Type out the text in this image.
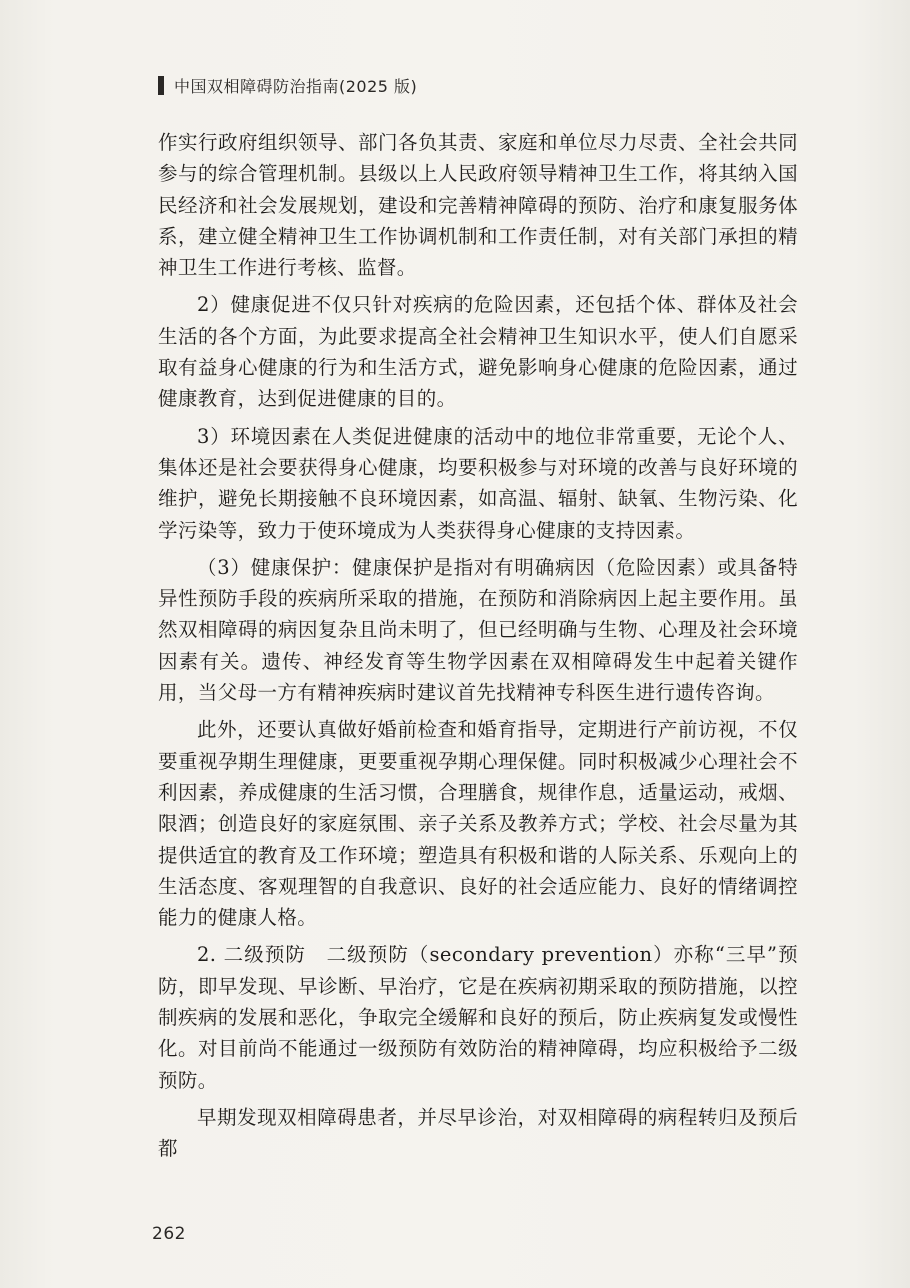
中国双相障碍防治指南(2025 版)

作实行政府组织领导、部门各负其责、家庭和单位尽力尽责、全社会共同参与的综合管理机制。县级以上人民政府领导精神卫生工作，将其纳入国民经济和社会发展规划，建设和完善精神障碍的预防、治疗和康复服务体系，建立健全精神卫生工作协调机制和工作责任制，对有关部门承担的精神卫生工作进行考核、监督。

2）健康促进不仅只针对疾病的危险因素，还包括个体、群体及社会生活的各个方面，为此要求提高全社会精神卫生知识水平，使人们自愿采取有益身心健康的行为和生活方式，避免影响身心健康的危险因素，通过健康教育，达到促进健康的目的。

3）环境因素在人类促进健康的活动中的地位非常重要，无论个人、集体还是社会要获得身心健康，均要积极参与对环境的改善与良好环境的维护，避免长期接触不良环境因素，如高温、辐射、缺氧、生物污染、化学污染等，致力于使环境成为人类获得身心健康的支持因素。

（3）健康保护：健康保护是指对有明确病因（危险因素）或具备特异性预防手段的疾病所采取的措施，在预防和消除病因上起主要作用。虽然双相障碍的病因复杂且尚未明了，但已经明确与生物、心理及社会环境因素有关。遗传、神经发育等生物学因素在双相障碍发生中起着关键作用，当父母一方有精神疾病时建议首先找精神专科医生进行遗传咨询。

此外，还要认真做好婚前检查和婚育指导，定期进行产前访视，不仅要重视孕期生理健康，更要重视孕期心理保健。同时积极减少心理社会不利因素，养成健康的生活习惯，合理膳食，规律作息，适量运动，戒烟、限酒；创造良好的家庭氛围、亲子关系及教养方式；学校、社会尽量为其提供适宜的教育及工作环境；塑造具有积极和谐的人际关系、乐观向上的生活态度、客观理智的自我意识、良好的社会适应能力、良好的情绪调控能力的健康人格。

2. 二级预防　二级预防（secondary prevention）亦称“三早”预防，即早发现、早诊断、早治疗，它是在疾病初期采取的预防措施，以控制疾病的发展和恶化，争取完全缓解和良好的预后，防止疾病复发或慢性化。对目前尚不能通过一级预防有效防治的精神障碍，均应积极给予二级预防。

早期发现双相障碍患者，并尽早诊治，对双相障碍的病程转归及预后都

262
